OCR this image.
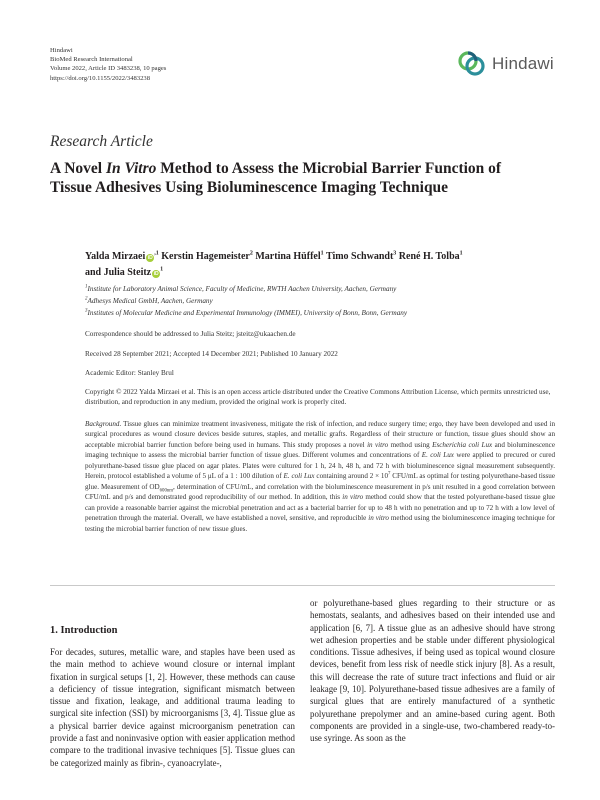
Hindawi
BioMed Research International
Volume 2022, Article ID 3483238, 10 pages
https://doi.org/10.1155/2022/3483238
Hindawi
Research Article
A Novel In Vitro Method to Assess the Microbial Barrier Function of Tissue Adhesives Using Bioluminescence Imaging Technique
Yalda Mirzaei $iD^{,1}$ Kerstin Hagemeister$^2$ Martina Hüffel$^1$ Timo Schwandt$^3$ René H. Tolba$^1$
and Julia Steitz $iD^1$
$^1$Institute for Laboratory Animal Science, Faculty of Medicine, RWTH Aachen University, Aachen, Germany
$^2$Adhesys Medical GmbH, Aachen, Germany
$^3$Institutes of Molecular Medicine and Experimental Immunology (IMMEI), University of Bonn, Bonn, Germany
Correspondence should be addressed to Julia Steitz; jsteitz@ukaachen.de
Received 28 September 2021; Accepted 14 December 2021; Published 10 January 2022
Academic Editor: Stanley Brul
Copyright © 2022 Yalda Mirzaei et al. This is an open access article distributed under the Creative Commons Attribution License, which permits unrestricted use, distribution, and reproduction in any medium, provided the original work is properly cited.
Background. Tissue glues can minimize treatment invasiveness, mitigate the risk of infection, and reduce surgery time; ergo, they have been developed and used in surgical procedures as wound closure devices beside sutures, staples, and metallic grafts. Regardless of their structure or function, tissue glues should show an acceptable microbial barrier function before being used in humans. This study proposes a novel in vitro method using Escherichia coli Lux and bioluminescence imaging technique to assess the microbial barrier function of tissue glues. Different volumes and concentrations of E. coli Lux were applied to precured or cured polyurethane-based tissue glue placed on agar plates. Plates were cultured for 1 h, 24 h, 48 h, and 72 h with bioluminescence signal measurement subsequently. Herein, protocol established a volume of 5 μL of a 1 : 100 dilution of E. coli Lux containing around $2 \times 10^7$ CFU/mL as optimal for testing polyurethane-based tissue glue. Measurement of $OD_{600nm}$, determination of CFU/mL, and correlation with the bioluminescence measurement in p/s unit resulted in a good correlation between CFU/mL and p/s and demonstrated good reproducibility of our method. In addition, this in vitro method could show that the tested polyurethane-based tissue glue can provide a reasonable barrier against the microbial penetration and act as a bacterial barrier for up to 48 h with no penetration and up to 72 h with a low level of penetration through the material. Overall, we have established a novel, sensitive, and reproducible in vitro method using the bioluminescence imaging technique for testing the microbial barrier function of new tissue glues.
1. Introduction
For decades, sutures, metallic ware, and staples have been used as the main method to achieve wound closure or internal implant fixation in surgical setups [1, 2]. However, these methods can cause a deficiency of tissue integration, significant mismatch between tissue and fixation, leakage, and additional trauma leading to surgical site infection (SSI) by microorganisms [3, 4]. Tissue glue as a physical barrier device against microorganism penetration can provide a fast and noninvasive option with easier application method compare to the traditional invasive techniques [5]. Tissue glues can be categorized mainly as fibrin-, cyanoacrylate-,
or polyurethane-based glues regarding to their structure or as hemostats, sealants, and adhesives based on their intended use and application [6, 7]. A tissue glue as an adhesive should have strong wet adhesion properties and be stable under different physiological conditions. Tissue adhesives, if being used as topical wound closure devices, benefit from less risk of needle stick injury [8]. As a result, this will decrease the rate of suture tract infections and fluid or air leakage [9, 10]. Polyurethane-based tissue adhesives are a family of surgical glues that are entirely manufactured of a synthetic polyurethane prepolymer and an amine-based curing agent. Both components are provided in a single-use, two-chambered ready-to-use syringe. As soon as the
